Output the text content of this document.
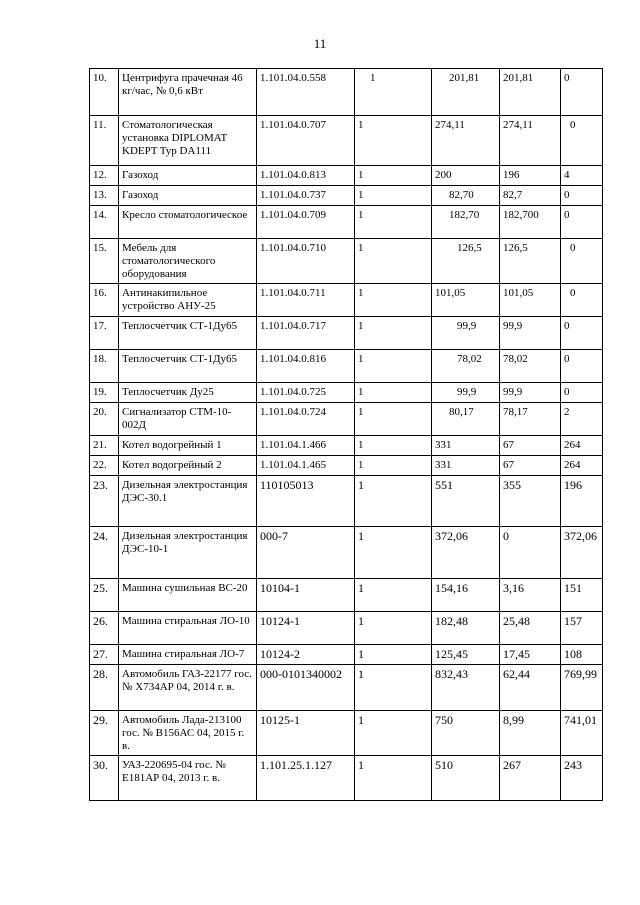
11
10.	Центрифуга прачечная 46 кг/час, № 0,6 кВт	1.101.04.0.558	1	201,81	201,81	0
11.	Стоматологическая установка DIPLOMAT KDEPT Typ DA111	1.101.04.0.707	1	274,11	274,11	0
12.	Газоход	1.101.04.0.813	1	200	196	4
13.	Газоход	1.101.04.0.737	1	82,70	82,7	0
14.	Кресло стоматологическое	1.101.04.0.709	1	182,70	182,700	0
15.	Мебель для стоматологического оборудования	1.101.04.0.710	1	126,5	126,5	0
16.	Антинакипильное устройство АНУ-25	1.101.04.0.711	1	101,05	101,05	0
17.	Теплосчетчик СТ-1Ду65	1.101.04.0.717	1	99,9	99,9	0
18.	Теплосчетчик СТ-1Ду65	1.101.04.0.816	1	78,02	78,02	0
19.	Теплосчетчик Ду25	1.101.04.0.725	1	99,9	99,9	0
20.	Сигнализатор СТМ-10-002Д	1.101.04.0.724	1	80,17	78,17	2
21.	Котел водогрейный 1	1.101.04.1.466	1	331	67	264
22.	Котел водогрейный 2	1.101.04.1.465	1	331	67	264
23.	Дизельная электростанция ДЭС-30.1	110105013	1	551	355	196
24.	Дизельная электростанция ДЭС-10-1	000-7	1	372,06	0	372,06
25.	Машина сушильная ВС-20	10104-1	1	154,16	3,16	151
26.	Машина стиральная ЛО-10	10124-1	1	182,48	25,48	157
27.	Машина стиральная ЛО-7	10124-2	1	125,45	17,45	108
28.	Автомобиль ГАЗ-22177 гос. № Х734АР 04, 2014 г. в.	000-0101340002	1	832,43	62,44	769,99
29.	Автомобиль Лада-213100 гос. № В156АС 04, 2015 г. в.	10125-1	1	750	8,99	741,01
30.	УАЗ-220695-04 гос. № Е181АР 04, 2013 г. в.	1.101.25.1.127	1	510	267	243
